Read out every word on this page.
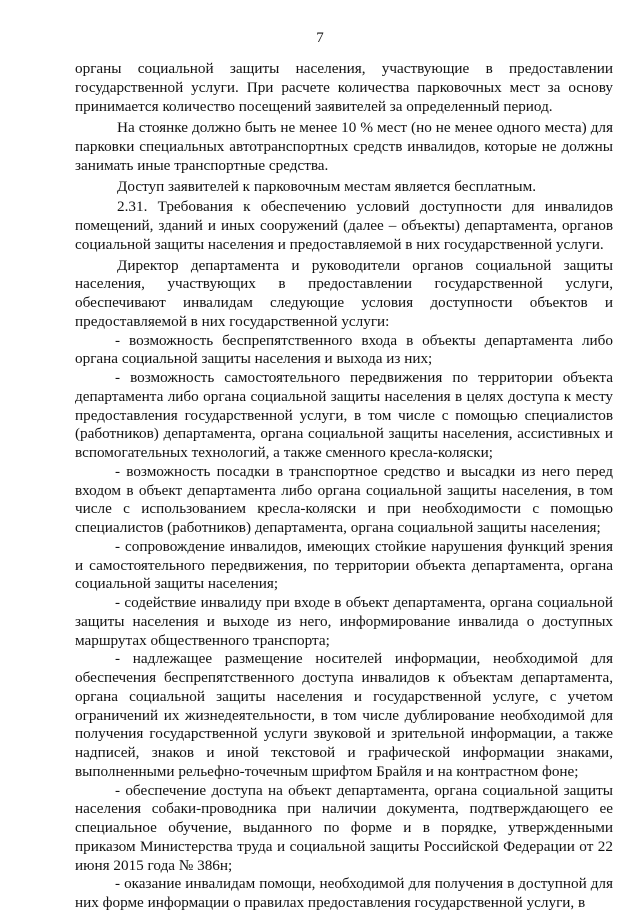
7

органы социальной защиты населения, участвующие в предоставлении государственной услуги. При расчете количества парковочных мест за основу принимается количество посещений заявителей за определенный период.

На стоянке должно быть не менее 10 % мест (но не менее одного места) для парковки специальных автотранспортных средств инвалидов, которые не должны занимать иные транспортные средства.

Доступ заявителей к парковочным местам является бесплатным.

2.31. Требования к обеспечению условий доступности для инвалидов помещений, зданий и иных сооружений (далее – объекты) департамента, органов социальной защиты населения и предоставляемой в них государственной услуги.

Директор департамента и руководители органов социальной защиты населения, участвующих в предоставлении государственной услуги, обеспечивают инвалидам следующие условия доступности объектов и предоставляемой в них государственной услуги:

- возможность беспрепятственного входа в объекты департамента либо органа социальной защиты населения и выхода из них;

- возможность самостоятельного передвижения по территории объекта департамента либо органа социальной защиты населения в целях доступа к месту предоставления государственной услуги, в том числе с помощью специалистов (работников) департамента, органа социальной защиты населения, ассистивных и вспомогательных технологий, а также сменного кресла-коляски;

- возможность посадки в транспортное средство и высадки из него перед входом в объект департамента либо органа социальной защиты населения, в том числе с использованием кресла-коляски и при необходимости с помощью специалистов (работников) департамента, органа социальной защиты населения;

- сопровождение инвалидов, имеющих стойкие нарушения функций зрения и самостоятельного передвижения, по территории объекта департамента, органа социальной защиты населения;

- содействие инвалиду при входе в объект департамента, органа социальной защиты населения и выходе из него, информирование инвалида о доступных маршрутах общественного транспорта;

- надлежащее размещение носителей информации, необходимой для обеспечения беспрепятственного доступа инвалидов к объектам департамента, органа социальной защиты населения и государственной услуге, с учетом ограничений их жизнедеятельности, в том числе дублирование необходимой для получения государственной услуги звуковой и зрительной информации, а также надписей, знаков и иной текстовой и графической информации знаками, выполненными рельефно-точечным шрифтом Брайля и на контрастном фоне;

- обеспечение доступа на объект департамента, органа социальной защиты населения собаки-проводника при наличии документа, подтверждающего ее специальное обучение, выданного по форме и в порядке, утвержденными приказом Министерства труда и социальной защиты Российской Федерации от 22 июня 2015 года № 386н;

- оказание инвалидам помощи, необходимой для получения в доступной для них форме информации о правилах предоставления государственной услуги, в
